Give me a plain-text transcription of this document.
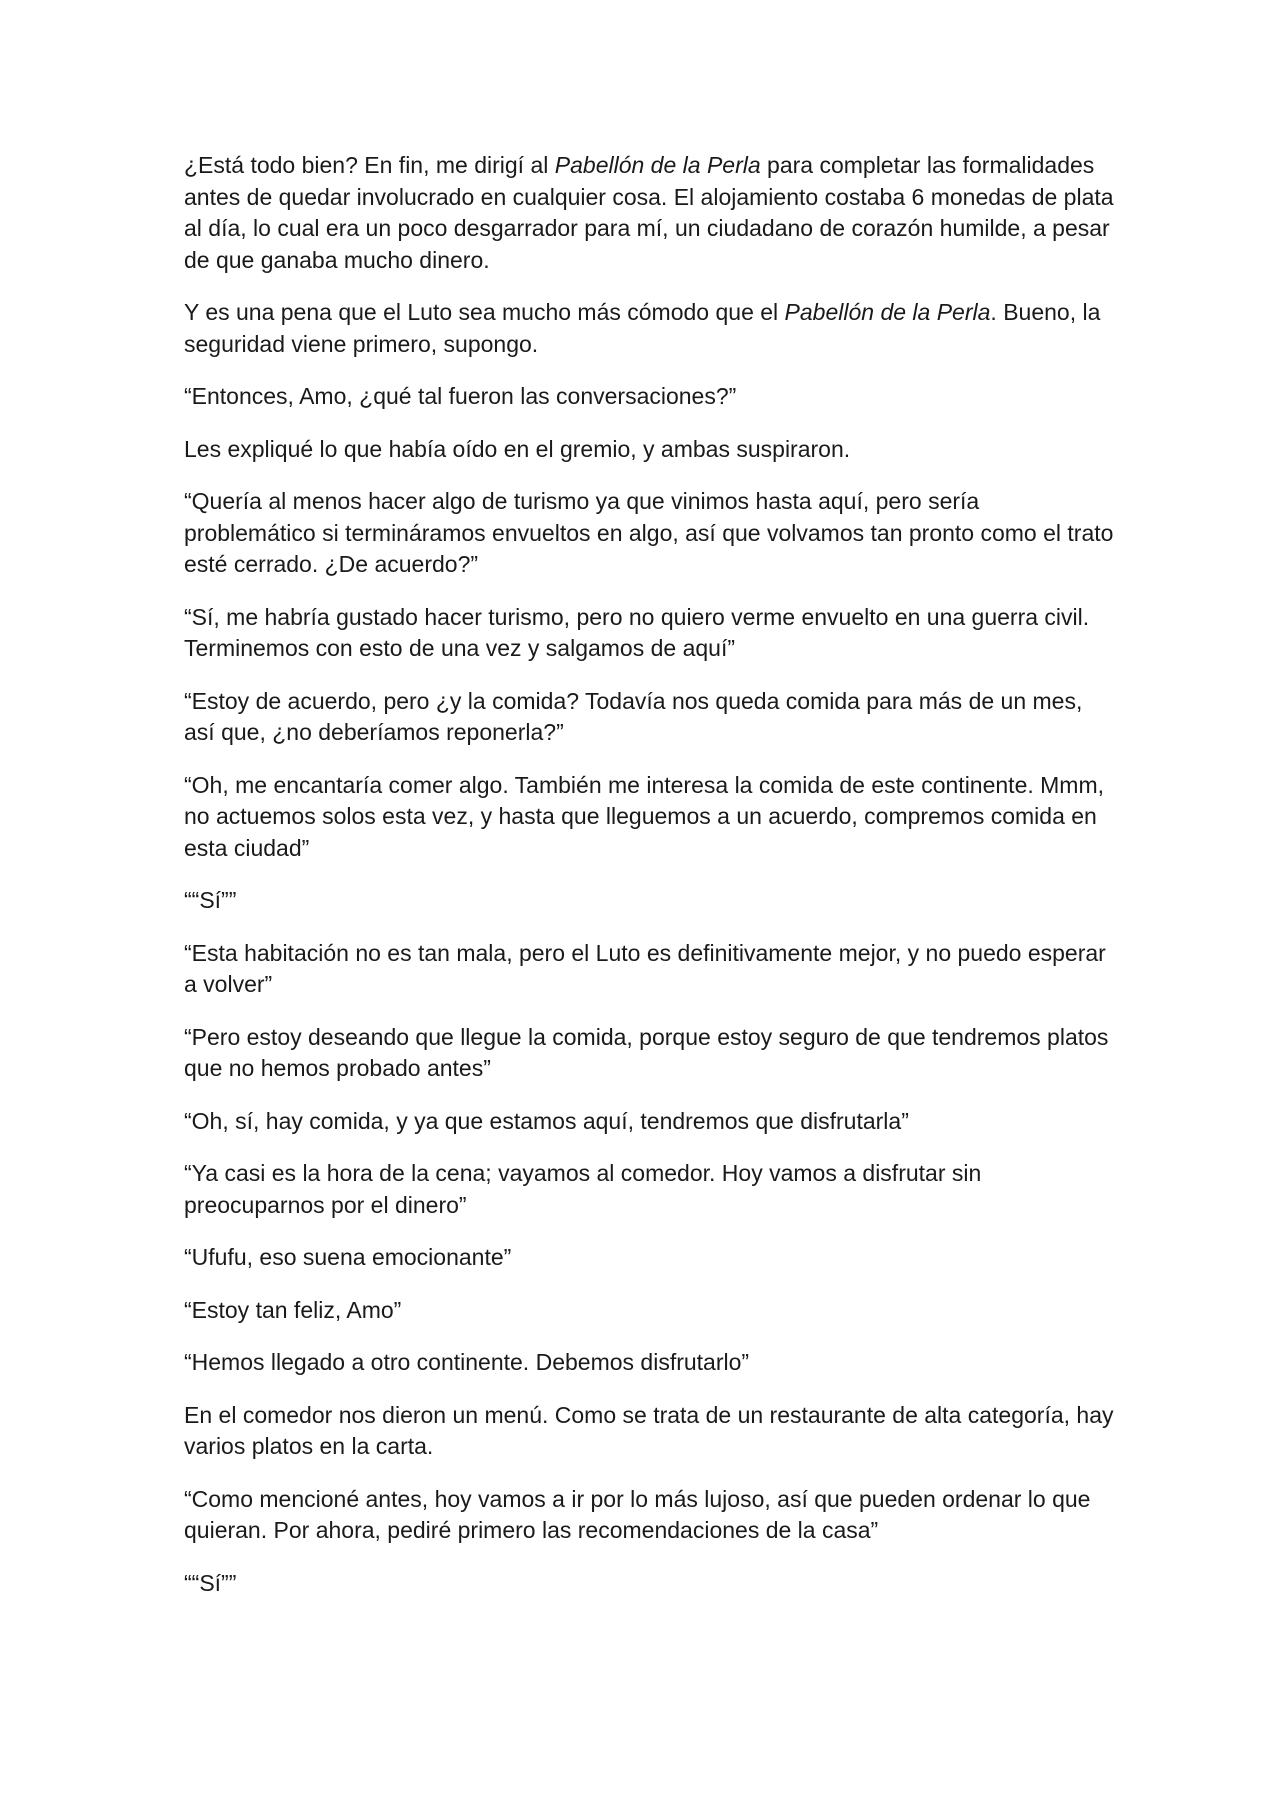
¿Está todo bien? En fin, me dirigí al Pabellón de la Perla para completar las formalidades antes de quedar involucrado en cualquier cosa. El alojamiento costaba 6 monedas de plata al día, lo cual era un poco desgarrador para mí, un ciudadano de corazón humilde, a pesar de que ganaba mucho dinero.

Y es una pena que el Luto sea mucho más cómodo que el Pabellón de la Perla. Bueno, la seguridad viene primero, supongo.

“Entonces, Amo, ¿qué tal fueron las conversaciones?”

Les expliqué lo que había oído en el gremio, y ambas suspiraron.

“Quería al menos hacer algo de turismo ya que vinimos hasta aquí, pero sería problemático si termináramos envueltos en algo, así que volvamos tan pronto como el trato esté cerrado. ¿De acuerdo?”

“Sí, me habría gustado hacer turismo, pero no quiero verme envuelto en una guerra civil. Terminemos con esto de una vez y salgamos de aquí”

“Estoy de acuerdo, pero ¿y la comida? Todavía nos queda comida para más de un mes, así que, ¿no deberíamos reponerla?”

“Oh, me encantaría comer algo. También me interesa la comida de este continente. Mmm, no actuemos solos esta vez, y hasta que lleguemos a un acuerdo, compremos comida en esta ciudad”

““Sí””

“Esta habitación no es tan mala, pero el Luto es definitivamente mejor, y no puedo esperar a volver”

“Pero estoy deseando que llegue la comida, porque estoy seguro de que tendremos platos que no hemos probado antes”

“Oh, sí, hay comida, y ya que estamos aquí, tendremos que disfrutarla”

“Ya casi es la hora de la cena; vayamos al comedor. Hoy vamos a disfrutar sin preocuparnos por el dinero”

“Ufufu, eso suena emocionante”

“Estoy tan feliz, Amo”

“Hemos llegado a otro continente. Debemos disfrutarlo”

En el comedor nos dieron un menú. Como se trata de un restaurante de alta categoría, hay varios platos en la carta.

“Como mencioné antes, hoy vamos a ir por lo más lujoso, así que pueden ordenar lo que quieran. Por ahora, pediré primero las recomendaciones de la casa”

““Sí””
